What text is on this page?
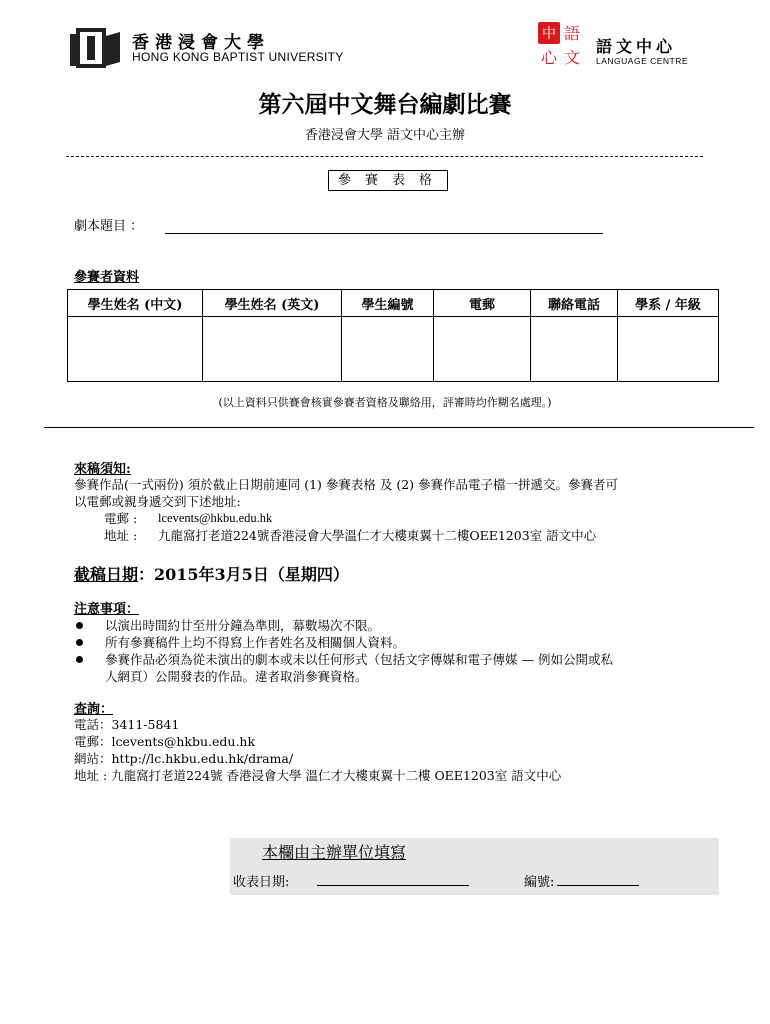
香港浸會大學
HONG KONG BAPTIST UNIVERSITY
中 語
心 文
語文中心
LANGUAGE CENTRE
第六屆中文舞台編劇比賽
香港浸會大學 語文中心主辦
參賽表格
劇本題目 ：
參賽者資料
學生姓名 (中文)	學生姓名 (英文)	學生編號	電郵	聯絡電話	學系 / 年級

(以上資料只供賽會核實參賽者資格及聯絡用，評審時均作糊名處理。)
來稿須知:
參賽作品(一式兩份) 須於截止日期前連同 (1) 參賽表格 及 (2) 參賽作品電子檔一拼遞交。參賽者可
以電郵或親身遞交到下述地址:
電郵 : lcevents@hkbu.edu.hk
地址 : 九龍窩打老道224號香港浸會大學溫仁才大樓東翼十二樓OEE1203室 語文中心
截稿日期：2015年3月5日（星期四）
注意事項：
以演出時間約廿至卅分鐘為準則，幕數場次不限。
所有參賽稿件上均不得寫上作者姓名及相關個人資料。
參賽作品必須為從未演出的劇本或未以任何形式（包括文字傳媒和電子傳媒 — 例如公開或私
人網頁）公開發表的作品。違者取消參賽資格。
查詢：
電話：3411-5841
電郵：lcevents@hkbu.edu.hk
網站：http://lc.hkbu.edu.hk/drama/
地址 : 九龍窩打老道224號 香港浸會大學 溫仁才大樓東翼十二樓 OEE1203室 語文中心
本欄由主辦單位填寫
收表日期:	編號:
